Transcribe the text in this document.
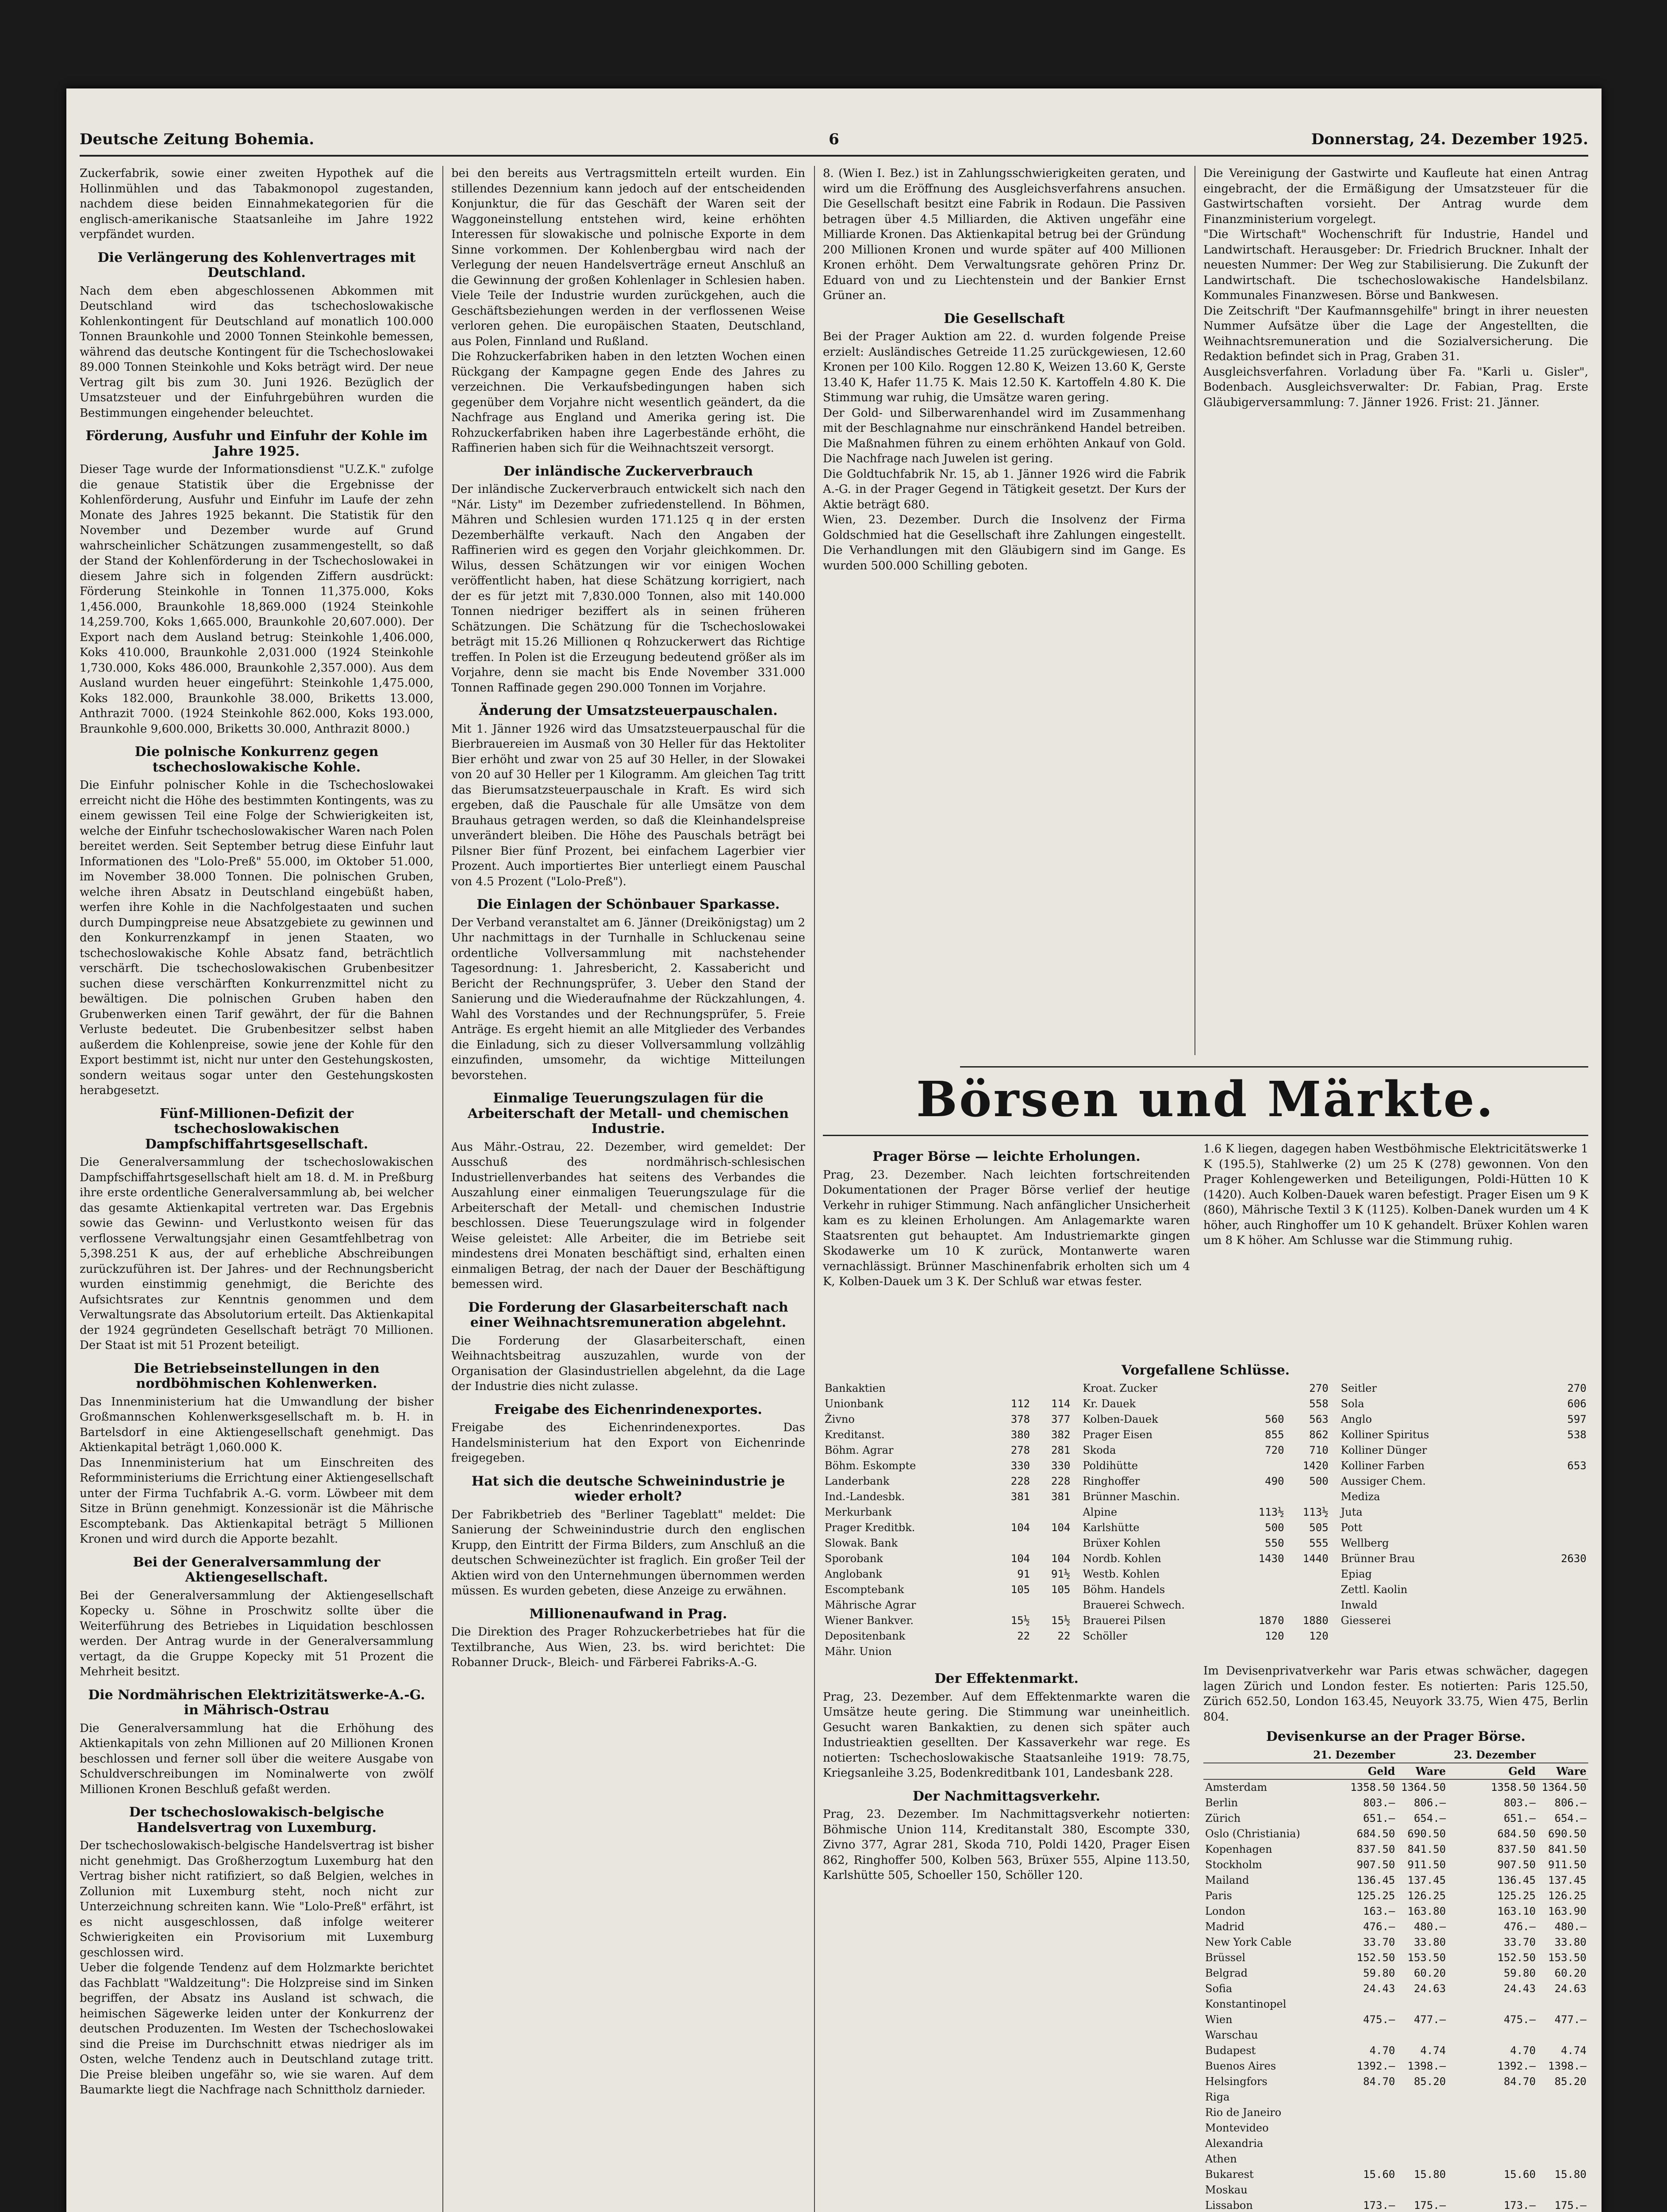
Deutsche Zeitung Bohemia.	6	Donnerstag, 24. Dezember 1925.

Zuckerfabrik, sowie einer zweiten Hypothek auf die Hollinmühlen und das Tabakmonopol zugestanden, nachdem diese beiden Einnahmekategorien für die englisch-amerikanische Staatsanleihe im Jahre 1922 verpfändet wurden.

Die Verlängerung des Kohlenvertrages mit Deutschland.

Nach dem eben abgeschlossenen Abkommen mit Deutschland wird das tschechoslowakische Kohlenkontingent für Deutschland auf monatlich 100.000 Tonnen Braunkohle und 2000 Tonnen Steinkohle bemessen, während das deutsche Kontingent für die Tschechoslowakei 89.000 Tonnen Steinkohle und Koks beträgt wird. Der neue Vertrag gilt bis zum 30. Juni 1926. Bezüglich der Umsatzsteuer und der Einfuhrgebühren wurden die Bestimmungen eingehender beleuchtet.

Förderung, Ausfuhr und Einfuhr der Kohle im Jahre 1925.

Dieser Tage wurde der Informationsdienst "U.Z.K." zufolge die genaue Statistik über die Ergebnisse der Kohlenförderung, Ausfuhr und Einfuhr im Laufe der zehn Monate des Jahres 1925 bekannt. Die Statistik für den November und Dezember wurde auf Grund wahrscheinlicher Schätzungen zusammengestellt, so daß der Stand der Kohlenförderung in der Tschechoslowakei in diesem Jahre sich in folgenden Ziffern ausdrückt: Förderung Steinkohle in Tonnen 11,375.000, Koks 1,456.000, Braunkohle 18,869.000 (1924 Steinkohle 14,259.700, Koks 1,665.000, Braunkohle 20,607.000). Der Export nach dem Ausland betrug: Steinkohle 1,406.000, Koks 410.000, Braunkohle 2,031.000 (1924 Steinkohle 1,730.000, Koks 486.000, Braunkohle 2,357.000). Aus dem Ausland wurden heuer eingeführt: Steinkohle 1,475.000, Koks 182.000, Braunkohle 38.000, Briketts 13.000, Anthrazit 7000. (1924 Steinkohle 862.000, Koks 193.000, Braunkohle 9,600.000, Briketts 30.000, Anthrazit 8000.)

Die polnische Konkurrenz gegen tschechoslowakische Kohle.

Die Einfuhr polnischer Kohle in die Tschechoslowakei erreicht nicht die Höhe des bestimmten Kontingents, was zu einem gewissen Teil eine Folge der Schwierigkeiten ist, welche der Einfuhr tschechoslowakischer Waren nach Polen bereitet werden. Seit September betrug diese Einfuhr laut Informationen des "Lolo-Preß" 55.000, im Oktober 51.000, im November 38.000 Tonnen. Die polnischen Gruben, welche ihren Absatz in Deutschland eingebüßt haben, werfen ihre Kohle in die Nachfolgestaaten und suchen durch Dumpingpreise neue Absatzgebiete zu gewinnen und den Konkurrenzkampf in jenen Staaten, wo tschechoslowakische Kohle Absatz fand, beträchtlich verschärft. Die tschechoslowakischen Grubenbesitzer suchen diese verschärften Konkurrenzmittel nicht zu bewältigen. Die polnischen Gruben haben den Grubenwerken einen Tarif gewährt, der für die Bahnen Verluste bedeutet. Die Grubenbesitzer selbst haben außerdem die Kohlenpreise, sowie jene der Kohle für den Export bestimmt ist, nicht nur unter den Gestehungskosten, sondern weitaus sogar unter den Gestehungskosten herabgesetzt.

Fünf-Millionen-Defizit der tschechoslowakischen Dampfschiffahrtsgesellschaft.

Die Generalversammlung der tschechoslowakischen Dampfschiffahrtsgesellschaft hielt am 18. d. M. in Preßburg ihre erste ordentliche Generalversammlung ab, bei welcher das gesamte Aktienkapital vertreten war. Das Ergebnis sowie das Gewinn- und Verlustkonto weisen für das verflossene Verwaltungsjahr einen Gesamtfehlbetrag von 5,398.251 K aus, der auf erhebliche Abschreibungen zurückzuführen ist. Der Jahres- und der Rechnungsbericht wurden einstimmig genehmigt, die Berichte des Aufsichtsrates zur Kenntnis genommen und dem Verwaltungsrate das Absolutorium erteilt. Das Aktienkapital der 1924 gegründeten Gesellschaft beträgt 70 Millionen. Der Staat ist mit 51 Prozent beteiligt.

Die Betriebseinstellungen in den nordböhmischen Kohlenwerken.

Das Innenministerium hat die Umwandlung der bisher Großmannschen Kohlenwerksgesellschaft m. b. H. in Bartelsdorf in eine Aktiengesellschaft genehmigt. Das Aktienkapital beträgt 1,060.000 K.

Das Innenministerium hat um Einschreiten des Reformministeriums die Errichtung einer Aktiengesellschaft unter der Firma Tuchfabrik A.-G. vorm. Löwbeer mit dem Sitze in Brünn genehmigt. Konzessionär ist die Mährische Escomptebank. Das Aktienkapital beträgt 5 Millionen Kronen und wird durch die Apporte bezahlt.

Bei der Generalversammlung der Aktiengesellschaft.

Bei der Generalversammlung der Aktiengesellschaft Kopecky u. Söhne in Proschwitz sollte über die Weiterführung des Betriebes in Liquidation beschlossen werden. Der Antrag wurde in der Generalversammlung vertagt, da die Gruppe Kopecky mit 51 Prozent die Mehrheit besitzt.

Die Nordmährischen Elektrizitätswerke-A.-G. in Mährisch-Ostrau

Die Generalversammlung hat die Erhöhung des Aktienkapitals von zehn Millionen auf 20 Millionen Kronen beschlossen und ferner soll über die weitere Ausgabe von Schuldverschreibungen im Nominalwerte von zwölf Millionen Kronen Beschluß gefaßt werden.

Der tschechoslowakisch-belgische Handelsvertrag von Luxemburg.

Der tschechoslowakisch-belgische Handelsvertrag ist bisher nicht genehmigt. Das Großherzogtum Luxemburg hat den Vertrag bisher nicht ratifiziert, so daß Belgien, welches in Zollunion mit Luxemburg steht, noch nicht zur Unterzeichnung schreiten kann. Wie "Lolo-Preß" erfährt, ist es nicht ausgeschlossen, daß infolge weiterer Schwierigkeiten ein Provisorium mit Luxemburg geschlossen wird.

Ueber die folgende Tendenz auf dem Holzmarkte berichtet das Fachblatt "Waldzeitung": Die Holzpreise sind im Sinken begriffen, der Absatz ins Ausland ist schwach, die heimischen Sägewerke leiden unter der Konkurrenz der deutschen Produzenten. Im Westen der Tschechoslowakei sind die Preise im Durchschnitt etwas niedriger als im Osten, welche Tendenz auch in Deutschland zutage tritt. Die Preise bleiben ungefähr so, wie sie waren. Auf dem Baumarkte liegt die Nachfrage nach Schnittholz darnieder.

bei den bereits aus Vertragsmitteln erteilt wurden. Ein stillendes Dezennium kann jedoch auf der entscheidenden Konjunktur, die für das Geschäft der Waren seit der Waggoneinstellung entstehen wird, keine erhöhten Interessen für slowakische und polnische Exporte in dem Sinne vorkommen. Der Kohlenbergbau wird nach der Verlegung der neuen Handelsverträge erneut Anschluß an die Gewinnung der großen Kohlenlager in Schlesien haben. Viele Teile der Industrie wurden zurückgehen, auch die Geschäftsbeziehungen werden in der verflossenen Weise verloren gehen. Die europäischen Staaten, Deutschland, aus Polen, Finnland und Rußland.

Die Rohzuckerfabriken haben in den letzten Wochen einen Rückgang der Kampagne gegen Ende des Jahres zu verzeichnen. Die Verkaufsbedingungen haben sich gegenüber dem Vorjahre nicht wesentlich geändert, da die Nachfrage aus England und Amerika gering ist. Die Rohzuckerfabriken haben ihre Lagerbestände erhöht, die Raffinerien haben sich für die Weihnachtszeit versorgt.

Der inländische Zuckerverbrauch

Der inländische Zuckerverbrauch entwickelt sich nach den "Nár. Listy" im Dezember zufriedenstellend. In Böhmen, Mähren und Schlesien wurden 171.125 q in der ersten Dezemberhälfte verkauft. Nach den Angaben der Raffinerien wird es gegen den Vorjahr gleichkommen. Dr. Wilus, dessen Schätzungen wir vor einigen Wochen veröffentlicht haben, hat diese Schätzung korrigiert, nach der es für jetzt mit 7,830.000 Tonnen, also mit 140.000 Tonnen niedriger beziffert als in seinen früheren Schätzungen. Die Schätzung für die Tschechoslowakei beträgt mit 15.26 Millionen q Rohzuckerwert das Richtige treffen. In Polen ist die Erzeugung bedeutend größer als im Vorjahre, denn sie macht bis Ende November 331.000 Tonnen Raffinade gegen 290.000 Tonnen im Vorjahre.

Änderung der Umsatzsteuerpauschalen.

Mit 1. Jänner 1926 wird das Umsatzsteuerpauschal für die Bierbrauereien im Ausmaß von 30 Heller für das Hektoliter Bier erhöht und zwar von 25 auf 30 Heller, in der Slowakei von 20 auf 30 Heller per 1 Kilogramm. Am gleichen Tag tritt das Bierumsatzsteuerpauschale in Kraft. Es wird sich ergeben, daß die Pauschale für alle Umsätze von dem Brauhaus getragen werden, so daß die Kleinhandelspreise unverändert bleiben. Die Höhe des Pauschals beträgt bei Pilsner Bier fünf Prozent, bei einfachem Lagerbier vier Prozent. Auch importiertes Bier unterliegt einem Pauschal von 4.5 Prozent ("Lolo-Preß").

Die Einlagen der Schönbauer Sparkasse.

Der Verband veranstaltet am 6. Jänner (Dreikönigstag) um 2 Uhr nachmittags in der Turnhalle in Schluckenau seine ordentliche Vollversammlung mit nachstehender Tagesordnung: 1. Jahresbericht, 2. Kassabericht und Bericht der Rechnungsprüfer, 3. Ueber den Stand der Sanierung und die Wiederaufnahme der Rückzahlungen, 4. Wahl des Vorstandes und der Rechnungsprüfer, 5. Freie Anträge. Es ergeht hiemit an alle Mitglieder des Verbandes die Einladung, sich zu dieser Vollversammlung vollzählig einzufinden, umsomehr, da wichtige Mitteilungen bevorstehen.

Einmalige Teuerungszulagen für die Arbeiterschaft der Metall- und chemischen Industrie.

Aus Mähr.-Ostrau, 22. Dezember, wird gemeldet: Der Ausschuß des nordmährisch-schlesischen Industriellenverbandes hat seitens des Verbandes die Auszahlung einer einmaligen Teuerungszulage für die Arbeiterschaft der Metall- und chemischen Industrie beschlossen. Diese Teuerungszulage wird in folgender Weise geleistet: Alle Arbeiter, die im Betriebe seit mindestens drei Monaten beschäftigt sind, erhalten einen einmaligen Betrag, der nach der Dauer der Beschäftigung bemessen wird.

Die Forderung der Glasarbeiterschaft nach einer Weihnachtsremuneration abgelehnt.

Die Forderung der Glasarbeiterschaft, einen Weihnachtsbeitrag auszuzahlen, wurde von der Organisation der Glasindustriellen abgelehnt, da die Lage der Industrie dies nicht zulasse.

Freigabe des Eichenrindenexportes.

Freigabe des Eichenrindenexportes. Das Handelsministerium hat den Export von Eichenrinde freigegeben.

Hat sich die deutsche Schweinindustrie je wieder erholt?

Der Fabrikbetrieb des "Berliner Tageblatt" meldet: Die Sanierung der Schweinindustrie durch den englischen Krupp, den Eintritt der Firma Bilders, zum Anschluß an die deutschen Schweinezüchter ist fraglich. Ein großer Teil der Aktien wird von den Unternehmungen übernommen werden müssen. Es wurden gebeten, diese Anzeige zu erwähnen.

Millionenaufwand in Prag.

Die Direktion des Prager Rohzuckerbetriebes hat für die Textilbranche, Aus Wien, 23. bs. wird berichtet: Die Robanner Druck-, Bleich- und Färberei Fabriks-A.-G.

8. (Wien I. Bez.) ist in Zahlungsschwierigkeiten geraten, und wird um die Eröffnung des Ausgleichsverfahrens ansuchen. Die Gesellschaft besitzt eine Fabrik in Rodaun. Die Passiven betragen über 4.5 Milliarden, die Aktiven ungefähr eine Milliarde Kronen. Das Aktienkapital betrug bei der Gründung 200 Millionen Kronen und wurde später auf 400 Millionen Kronen erhöht. Dem Verwaltungsrate gehören Prinz Dr. Eduard von und zu Liechtenstein und der Bankier Ernst Grüner an.

Die Gesellschaft

Bei der Prager Auktion am 22. d. wurden folgende Preise erzielt: Ausländisches Getreide 11.25 zurückgewiesen, 12.60 Kronen per 100 Kilo. Roggen 12.80 K, Weizen 13.60 K, Gerste 13.40 K, Hafer 11.75 K. Mais 12.50 K. Kartoffeln 4.80 K. Die Stimmung war ruhig, die Umsätze waren gering.

Der Gold- und Silberwarenhandel wird im Zusammenhang mit der Beschlagnahme nur einschränkend Handel betreiben. Die Maßnahmen führen zu einem erhöhten Ankauf von Gold. Die Nachfrage nach Juwelen ist gering.

Die Goldtuchfabrik Nr. 15, ab 1. Jänner 1926 wird die Fabrik A.-G. in der Prager Gegend in Tätigkeit gesetzt. Der Kurs der Aktie beträgt 680.

Wien, 23. Dezember. Durch die Insolvenz der Firma Goldschmied hat die Gesellschaft ihre Zahlungen eingestellt. Die Verhandlungen mit den Gläubigern sind im Gange. Es wurden 500.000 Schilling geboten.

Die Vereinigung der Gastwirte und Kaufleute hat einen Antrag eingebracht, der die Ermäßigung der Umsatzsteuer für die Gastwirtschaften vorsieht. Der Antrag wurde dem Finanzministerium vorgelegt.

"Die Wirtschaft" Wochenschrift für Industrie, Handel und Landwirtschaft. Herausgeber: Dr. Friedrich Bruckner. Inhalt der neuesten Nummer: Der Weg zur Stabilisierung. Die Zukunft der Landwirtschaft. Die tschechoslowakische Handelsbilanz. Kommunales Finanzwesen. Börse und Bankwesen.

Die Zeitschrift "Der Kaufmannsgehilfe" bringt in ihrer neuesten Nummer Aufsätze über die Lage der Angestellten, die Weihnachtsremuneration und die Sozialversicherung. Die Redaktion befindet sich in Prag, Graben 31.

Ausgleichsverfahren. Vorladung über Fa. "Karli u. Gisler", Bodenbach. Ausgleichsverwalter: Dr. Fabian, Prag. Erste Gläubigerversammlung: 7. Jänner 1926. Frist: 21. Jänner.

Börsen und Märkte.
Prager Börse — leichte Erholungen.

Prag, 23. Dezember. Nach leichten fortschreitenden Dokumentationen der Prager Börse verlief der heutige Verkehr in ruhiger Stimmung. Nach anfänglicher Unsicherheit kam es zu kleinen Erholungen. Am Anlagemarkte waren Staatsrenten gut behauptet. Am Industriemarkte gingen Skodawerke um 10 K zurück, Montanwerte waren vernachlässigt. Brünner Maschinenfabrik erholten sich um 4 K, Kolben-Dauek um 3 K. Der Schluß war etwas fester.

1.6 K liegen, dagegen haben Westböhmische Elektricitätswerke 1 K (195.5), Stahlwerke (2) um 25 K (278) gewonnen. Von den Prager Kohlengewerken und Beteiligungen, Poldi-Hütten 10 K (1420). Auch Kolben-Dauek waren befestigt. Prager Eisen um 9 K (860), Mährische Textil 3 K (1125). Kolben-Danek wurden um 4 K höher, auch Ringhoffer um 10 K gehandelt. Brüxer Kohlen waren um 8 K höher. Am Schlusse war die Stimmung ruhig.

Vorgefallene Schlüsse.
Bankaktien		
Unionbank	112	114
Živno	378	377
Kreditanst.	380	382
Böhm. Agrar	278	281
Böhm. Eskompte	330	330
Landerbank	228	228
Ind.-Landesbk.	381	381
Merkurbank		
Prager Kreditbk.	104	104
Slowak. Bank		
Sporobank	104	104
Anglobank	91	91½
Escomptebank	105	105
Mährische Agrar		
Wiener Bankver.	15½	15½
Depositenbank	22	22
Mähr. Union		
Kroat. Zucker		270
Kr. Dauek		558
Kolben-Dauek	560	563
Prager Eisen	855	862
Skoda	720	710
Poldihütte		1420
Ringhoffer	490	500
Brünner Maschin.		
Alpine	113½	113½
Karlshütte	500	505
Brüxer Kohlen	550	555
Nordb. Kohlen	1430	1440
Westb. Kohlen		
Böhm. Handels		
Brauerei Schwech.		
Brauerei Pilsen	1870	1880
Schöller	120	120
Seitler		270
Sola		606
Anglo		597
Kolliner Spiritus		538
Kolliner Dünger		
Kolliner Farben		653
Aussiger Chem.		
Mediza		
Juta		
Pott		
Wellberg		
Brünner Brau		2630
Epiag		
Zettl. Kaolin		
Inwald		
Giesserei		
Der Effektenmarkt.

Prag, 23. Dezember. Auf dem Effektenmarkte waren die Umsätze heute gering. Die Stimmung war uneinheitlich. Gesucht waren Bankaktien, zu denen sich später auch Industrieaktien gesellten. Der Kassaverkehr war rege. Es notierten: Tschechoslowakische Staatsanleihe 1919: 78.75, Kriegsanleihe 3.25, Bodenkreditbank 101, Landesbank 228.

Der Nachmittagsverkehr.

Prag, 23. Dezember. Im Nachmittagsverkehr notierten: Böhmische Union 114, Kreditanstalt 380, Escompte 330, Zivno 377, Agrar 281, Skoda 710, Poldi 1420, Prager Eisen 862, Ringhoffer 500, Kolben 563, Brüxer 555, Alpine 113.50, Karlshütte 505, Schoeller 150, Schöller 120.

Im Devisenprivatverkehr war Paris etwas schwächer, dagegen lagen Zürich und London fester. Es notierten: Paris 125.50, Zürich 652.50, London 163.45, Neuyork 33.75, Wien 475, Berlin 804.

Devisenkurse an der Prager Börse.
	21. Dezember		23. Dezember	
	Geld	Ware	Geld	Ware
Amsterdam	1358.50	1364.50	1358.50	1364.50
Berlin	803.—	806.—	803.—	806.—
Zürich	651.—	654.—	651.—	654.—
Oslo (Christiania)	684.50	690.50	684.50	690.50
Kopenhagen	837.50	841.50	837.50	841.50
Stockholm	907.50	911.50	907.50	911.50
Mailand	136.45	137.45	136.45	137.45
Paris	125.25	126.25	125.25	126.25
London	163.—	163.80	163.10	163.90
Madrid	476.—	480.—	476.—	480.—
New York Cable	33.70	33.80	33.70	33.80
Brüssel	152.50	153.50	152.50	153.50
Belgrad	59.80	60.20	59.80	60.20
Sofia	24.43	24.63	24.43	24.63
Konstantinopel				
Wien	475.—	477.—	475.—	477.—
Warschau				
Budapest	4.70	4.74	4.70	4.74
Buenos Aires	1392.—	1398.—	1392.—	1398.—
Helsingfors	84.70	85.20	84.70	85.20
Riga				
Rio de Janeiro				
Montevideo				
Alexandria				
Athen				
Bukarest	15.60	15.80	15.60	15.80
Moskau				
Lissabon	173.—	175.—	173.—	175.—
